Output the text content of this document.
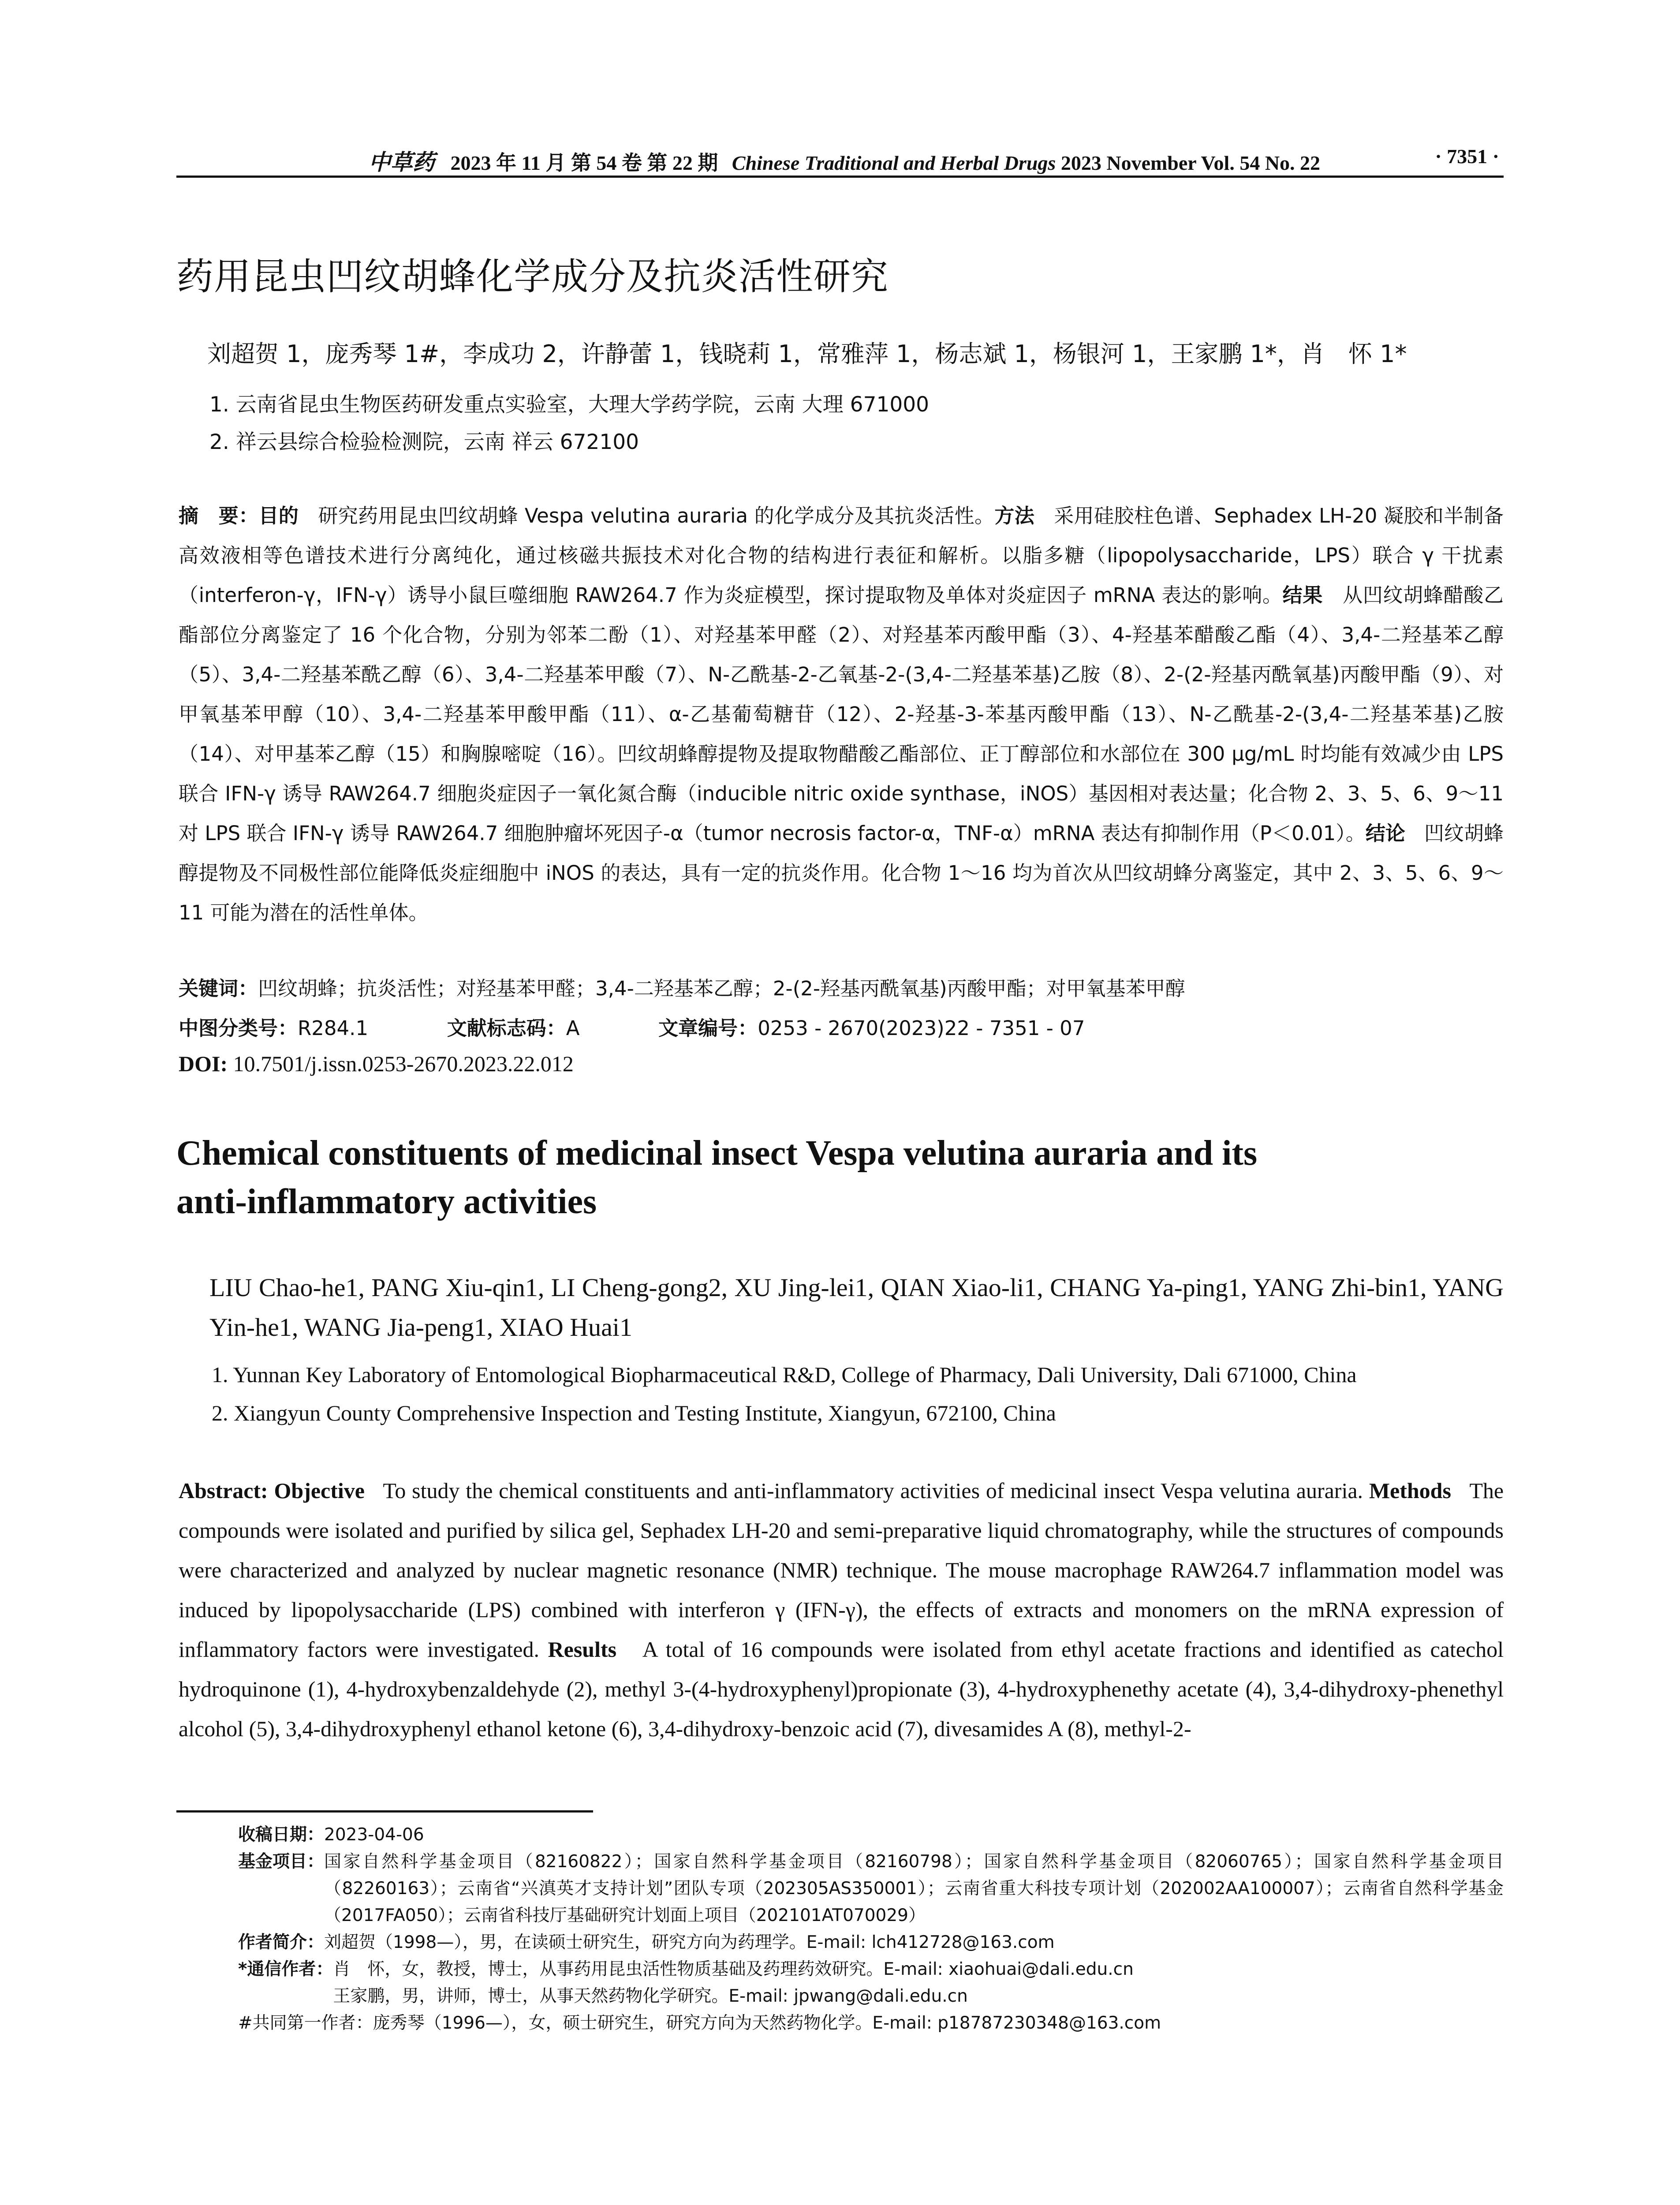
中草药 2023 年 11 月 第 54 卷 第 22 期 Chinese Traditional and Herbal Drugs 2023 November Vol. 54 No. 22	· 7351 ·
药用昆虫凹纹胡蜂化学成分及抗炎活性研究
刘超贺 1，庞秀琴 1#，李成功 2，许静蕾 1，钱晓莉 1，常雅萍 1，杨志斌 1，杨银河 1，王家鹏 1*，肖　怀 1*
1. 云南省昆虫生物医药研发重点实验室，大理大学药学院，云南 大理 671000
2. 祥云县综合检验检测院，云南 祥云 672100
摘　要：目的 研究药用昆虫凹纹胡蜂 Vespa velutina auraria 的化学成分及其抗炎活性。方法 采用硅胶柱色谱、Sephadex LH-20 凝胶和半制备高效液相等色谱技术进行分离纯化，通过核磁共振技术对化合物的结构进行表征和解析。以脂多糖（lipopolysaccharide，LPS）联合 γ 干扰素（interferon-γ，IFN-γ）诱导小鼠巨噬细胞 RAW264.7 作为炎症模型，探讨提取物及单体对炎症因子 mRNA 表达的影响。结果 从凹纹胡蜂醋酸乙酯部位分离鉴定了 16 个化合物，分别为邻苯二酚（1）、对羟基苯甲醛（2）、对羟基苯丙酸甲酯（3）、4-羟基苯醋酸乙酯（4）、3,4-二羟基苯乙醇（5）、3,4-二羟基苯酰乙醇（6）、3,4-二羟基苯甲酸（7）、N-乙酰基-2-乙氧基-2-(3,4-二羟基苯基)乙胺（8）、2-(2-羟基丙酰氧基)丙酸甲酯（9）、对甲氧基苯甲醇（10）、3,4-二羟基苯甲酸甲酯（11）、α-乙基葡萄糖苷（12）、2-羟基-3-苯基丙酸甲酯（13）、N-乙酰基-2-(3,4-二羟基苯基)乙胺（14）、对甲基苯乙醇（15）和胸腺嘧啶（16）。凹纹胡蜂醇提物及提取物醋酸乙酯部位、正丁醇部位和水部位在 300 μg/mL 时均能有效减少由 LPS 联合 IFN-γ 诱导 RAW264.7 细胞炎症因子一氧化氮合酶（inducible nitric oxide synthase，iNOS）基因相对表达量；化合物 2、3、5、6、9～11 对 LPS 联合 IFN-γ 诱导 RAW264.7 细胞肿瘤坏死因子-α（tumor necrosis factor-α，TNF-α）mRNA 表达有抑制作用（P＜0.01）。结论 凹纹胡蜂醇提物及不同极性部位能降低炎症细胞中 iNOS 的表达，具有一定的抗炎作用。化合物 1～16 均为首次从凹纹胡蜂分离鉴定，其中 2、3、5、6、9～11 可能为潜在的活性单体。
关键词：凹纹胡蜂；抗炎活性；对羟基苯甲醛；3,4-二羟基苯乙醇；2-(2-羟基丙酰氧基)丙酸甲酯；对甲氧基苯甲醇
中图分类号：R284.1	文献标志码：A	文章编号：0253 - 2670(2023)22 - 7351 - 07
DOI: 10.7501/j.issn.0253-2670.2023.22.012
Chemical constituents of medicinal insect Vespa velutina auraria and its
anti-inflammatory activities
LIU Chao-he1, PANG Xiu-qin1, LI Cheng-gong2, XU Jing-lei1, QIAN Xiao-li1, CHANG Ya-ping1, YANG Zhi-bin1, YANG Yin-he1, WANG Jia-peng1, XIAO Huai1
1. Yunnan Key Laboratory of Entomological Biopharmaceutical R&D, College of Pharmacy, Dali University, Dali 671000, China
2. Xiangyun County Comprehensive Inspection and Testing Institute, Xiangyun, 672100, China
Abstract: Objective To study the chemical constituents and anti-inflammatory activities of medicinal insect Vespa velutina auraria. Methods The compounds were isolated and purified by silica gel, Sephadex LH-20 and semi-preparative liquid chromatography, while the structures of compounds were characterized and analyzed by nuclear magnetic resonance (NMR) technique. The mouse macrophage RAW264.7 inflammation model was induced by lipopolysaccharide (LPS) combined with interferon γ (IFN-γ), the effects of extracts and monomers on the mRNA expression of inflammatory factors were investigated. Results A total of 16 compounds were isolated from ethyl acetate fractions and identified as catechol hydroquinone (1), 4-hydroxybenzaldehyde (2), methyl 3-(4-hydroxyphenyl)propionate (3), 4-hydroxyphenethy acetate (4), 3,4-dihydroxy-phenethyl alcohol (5), 3,4-dihydroxyphenyl ethanol ketone (6), 3,4-dihydroxy-benzoic acid (7), divesamides A (8), methyl-2-
收稿日期： 2023-04-06
基金项目： 国家自然科学基金项目（82160822）；国家自然科学基金项目（82160798）；国家自然科学基金项目（82060765）；国家自然科学基金项目（82260163）；云南省“兴滇英才支持计划”团队专项（202305AS350001）；云南省重大科技专项计划（202002AA100007）；云南省自然科学基金（2017FA050）；云南省科技厅基础研究计划面上项目（202101AT070029）
作者简介： 刘超贺（1998—），男，在读硕士研究生，研究方向为药理学。E-mail: lch412728@163.com
*通信作者： 肖　怀，女，教授，博士，从事药用昆虫活性物质基础及药理药效研究。E-mail: xiaohuai@dali.edu.cn
王家鹏，男，讲师，博士，从事天然药物化学研究。E-mail: jpwang@dali.edu.cn
#共同第一作者：庞秀琴（1996—），女，硕士研究生，研究方向为天然药物化学。E-mail: p18787230348@163.com
